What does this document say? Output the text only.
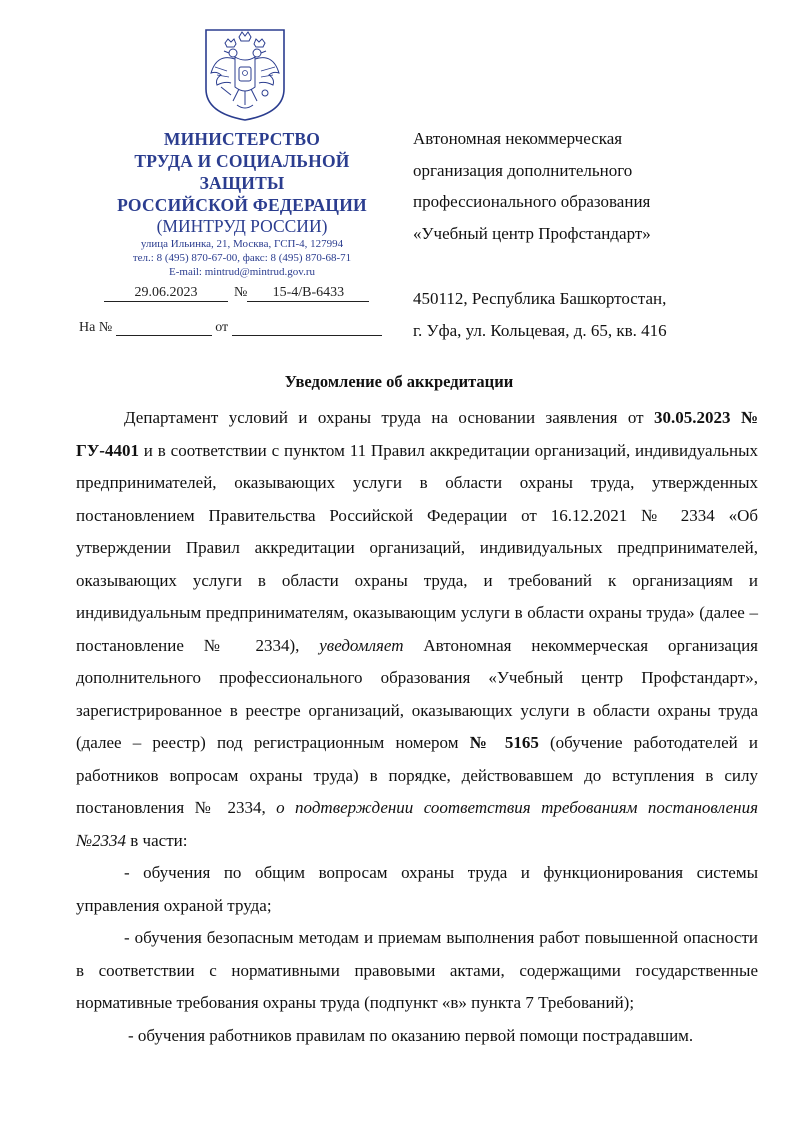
МИНИСТЕРСТВО
ТРУДА И СОЦИАЛЬНОЙ
ЗАЩИТЫ
РОССИЙСКОЙ ФЕДЕРАЦИИ
(МИНТРУД РОССИИ)
улица Ильинка, 21, Москва, ГСП-4, 127994
тел.: 8 (495) 870-67-00, факс: 8 (495) 870-68-71
E-mail: mintrud@mintrud.gov.ru
29.06.2023	№ 15-4/В-6433
На №	от
Автономная некоммерческая
организация дополнительного
профессионального образования
«Учебный центр Профстандарт»
450112, Республика Башкортостан,
г. Уфа, ул. Кольцевая, д. 65, кв. 416
Уведомление об аккредитации

Департамент условий и охраны труда на основании заявления от 30.05.2023 № ГУ-4401 и в соответствии с пунктом 11 Правил аккредитации организаций, индивидуальных предпринимателей, оказывающих услуги в области охраны труда, утвержденных постановлением Правительства Российской Федерации от 16.12.2021 № 2334 «Об утверждении Правил аккредитации организаций, индивидуальных предпринимателей, оказывающих услуги в области охраны труда, и требований к организациям и индивидуальным предпринимателям, оказывающим услуги в области охраны труда» (далее – постановление № 2334), уведомляет Автономная некоммерческая организация дополнительного профессионального образования «Учебный центр Профстандарт», зарегистрированное в реестре организаций, оказывающих услуги в области охраны труда (далее – реестр) под регистрационным номером № 5165 (обучение работодателей и работников вопросам охраны труда) в порядке, действовавшем до вступления в силу постановления № 2334, о подтверждении соответствия требованиям постановления №2334 в части:

- обучения по общим вопросам охраны труда и функционирования системы управления охраной труда;

- обучения безопасным методам и приемам выполнения работ повышенной опасности в соответствии с нормативными правовыми актами, содержащими государственные нормативные требования охраны труда (подпункт «в» пункта 7 Требований);

- обучения работников правилам по оказанию первой помощи пострадавшим.
